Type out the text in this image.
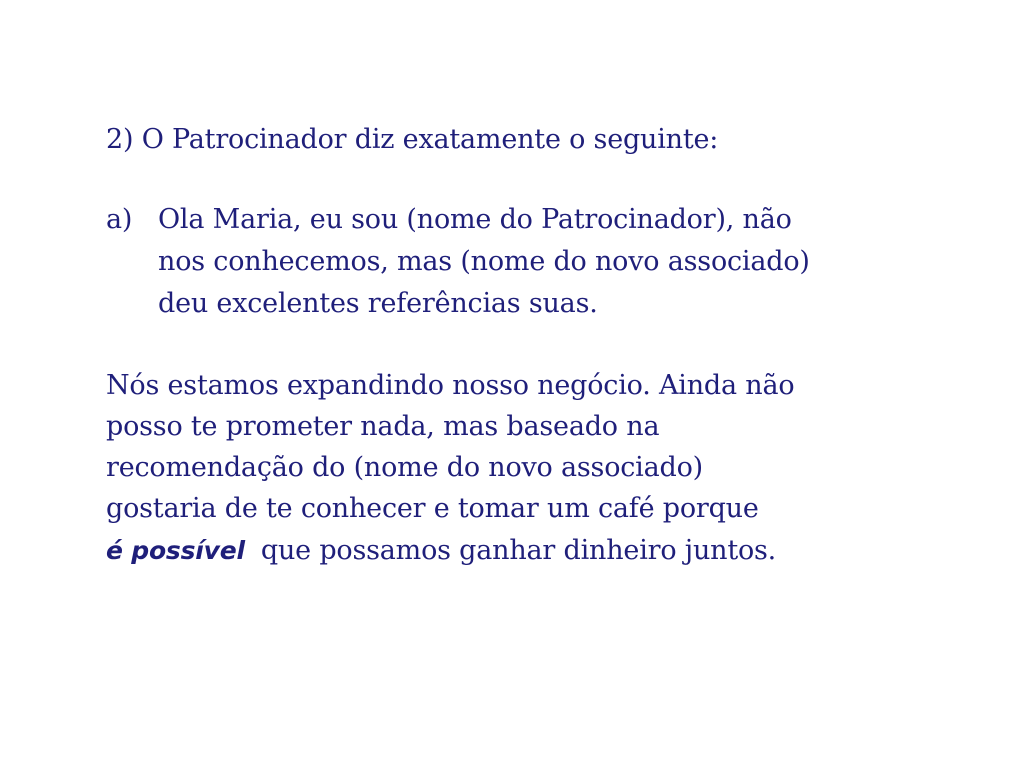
2) O Patrocinador diz exatamente o seguinte:
a) Ola Maria, eu sou (nome do Patrocinador), não
nos conhecemos, mas (nome do novo associado)
deu excelentes referências suas.
Nós estamos expandindo nosso negócio. Ainda não
posso te prometer nada, mas baseado na
recomendação do (nome do novo associado)
gostaria de te conhecer e tomar um café porque
é possível que possamos ganhar dinheiro juntos.
